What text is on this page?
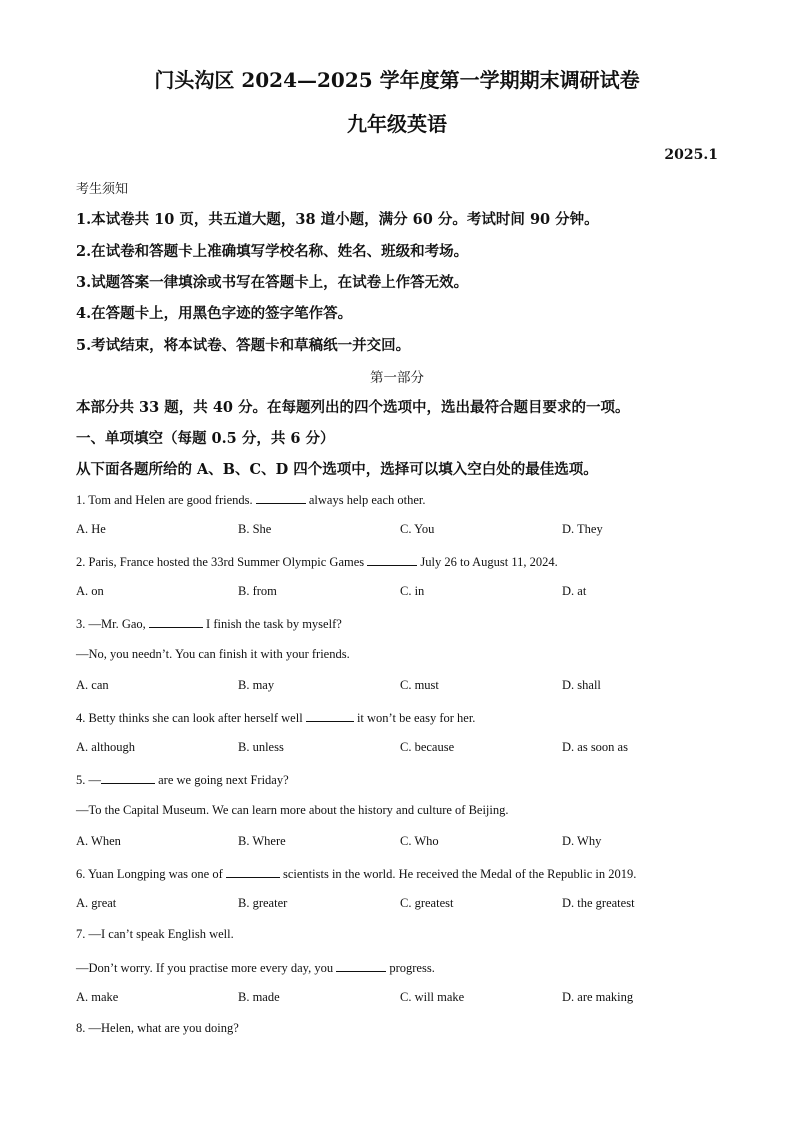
门头沟区 2024—2025 学年度第一学期期末调研试卷
九年级英语
2025.1
考生须知
1.本试卷共 10 页，共五道大题，38 道小题，满分 60 分。考试时间 90 分钟。
2.在试卷和答题卡上准确填写学校名称、姓名、班级和考场。
3.试题答案一律填涂或书写在答题卡上，在试卷上作答无效。
4.在答题卡上，用黑色字迹的签字笔作答。
5.考试结束，将本试卷、答题卡和草稿纸一并交回。
第一部分
本部分共 33 题，共 40 分。在每题列出的四个选项中，选出最符合题目要求的一项。
一、单项填空（每题 0.5 分，共 6 分）
从下面各题所给的 A、B、C、D 四个选项中，选择可以填入空白处的最佳选项。
1. Tom and Helen are good friends.	always help each other.
A. He	B. She	C. You	D. They
2. Paris, France hosted the 33rd Summer Olympic Games	July 26 to August 11, 2024.
A. on	B. from	C. in	D. at
3. —Mr. Gao,	I finish the task by myself?
—No, you needn’t. You can finish it with your friends.
A. can	B. may	C. must	D. shall
4. Betty thinks she can look after herself well	it won’t be easy for her.
A. although	B. unless	C. because	D. as soon as
5. —	are we going next Friday?
—To the Capital Museum. We can learn more about the history and culture of Beijing.
A. When	B. Where	C. Who	D. Why
6. Yuan Longping was one of	scientists in the world. He received the Medal of the Republic in 2019.
A. great	B. greater	C. greatest	D. the greatest
7. —I can’t speak English well.
—Don’t worry. If you practise more every day, you	progress.
A. make	B. made	C. will make	D. are making
8. —Helen, what are you doing?
